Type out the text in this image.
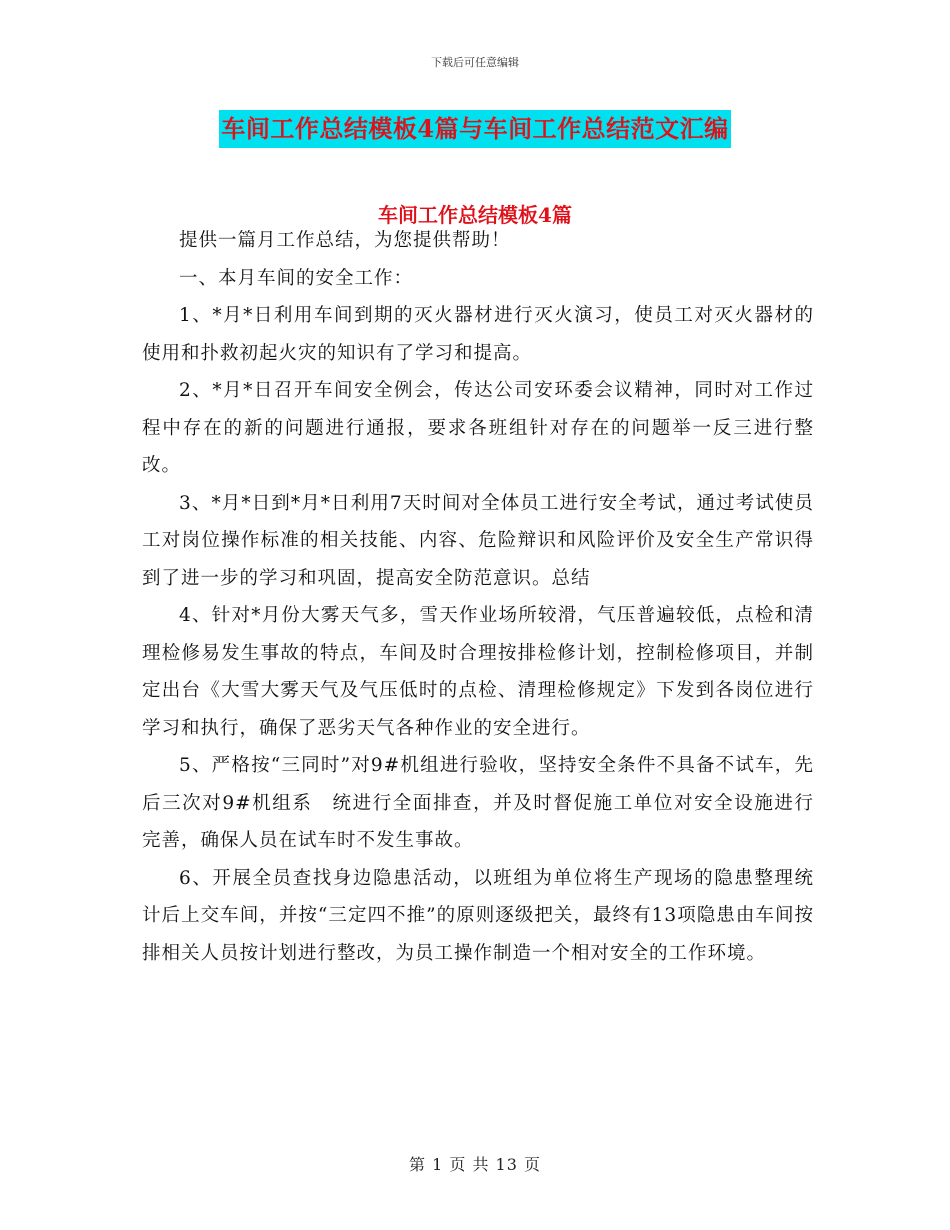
下载后可任意编辑
车间工作总结模板4篇与车间工作总结范文汇编
车间工作总结模板4篇

提供一篇月工作总结，为您提供帮助！

一、本月车间的安全工作：

1、*月*日利用车间到期的灭火器材进行灭火演习，使员工对灭火器材的使用和扑救初起火灾的知识有了学习和提高。

2、*月*日召开车间安全例会，传达公司安环委会议精神，同时对工作过程中存在的新的问题进行通报，要求各班组针对存在的问题举一反三进行整改。

3、*月*日到*月*日利用7天时间对全体员工进行安全考试，通过考试使员工对岗位操作标准的相关技能、内容、危险辩识和风险评价及安全生产常识得到了进一步的学习和巩固，提高安全防范意识。总结

4、针对*月份大雾天气多，雪天作业场所较滑，气压普遍较低，点检和清理检修易发生事故的特点，车间及时合理按排检修计划，控制检修项目，并制定出台《大雪大雾天气及气压低时的点检、清理检修规定》下发到各岗位进行学习和执行，确保了恶劣天气各种作业的安全进行。

5、严格按“三同时”对9#机组进行验收，坚持安全条件不具备不试车，先后三次对9#机组系　统进行全面排查，并及时督促施工单位对安全设施进行完善，确保人员在试车时不发生事故。

6、开展全员查找身边隐患活动，以班组为单位将生产现场的隐患整理统计后上交车间，并按“三定四不推”的原则逐级把关，最终有13项隐患由车间按排相关人员按计划进行整改，为员工操作制造一个相对安全的工作环境。

第 1 页 共 13 页
